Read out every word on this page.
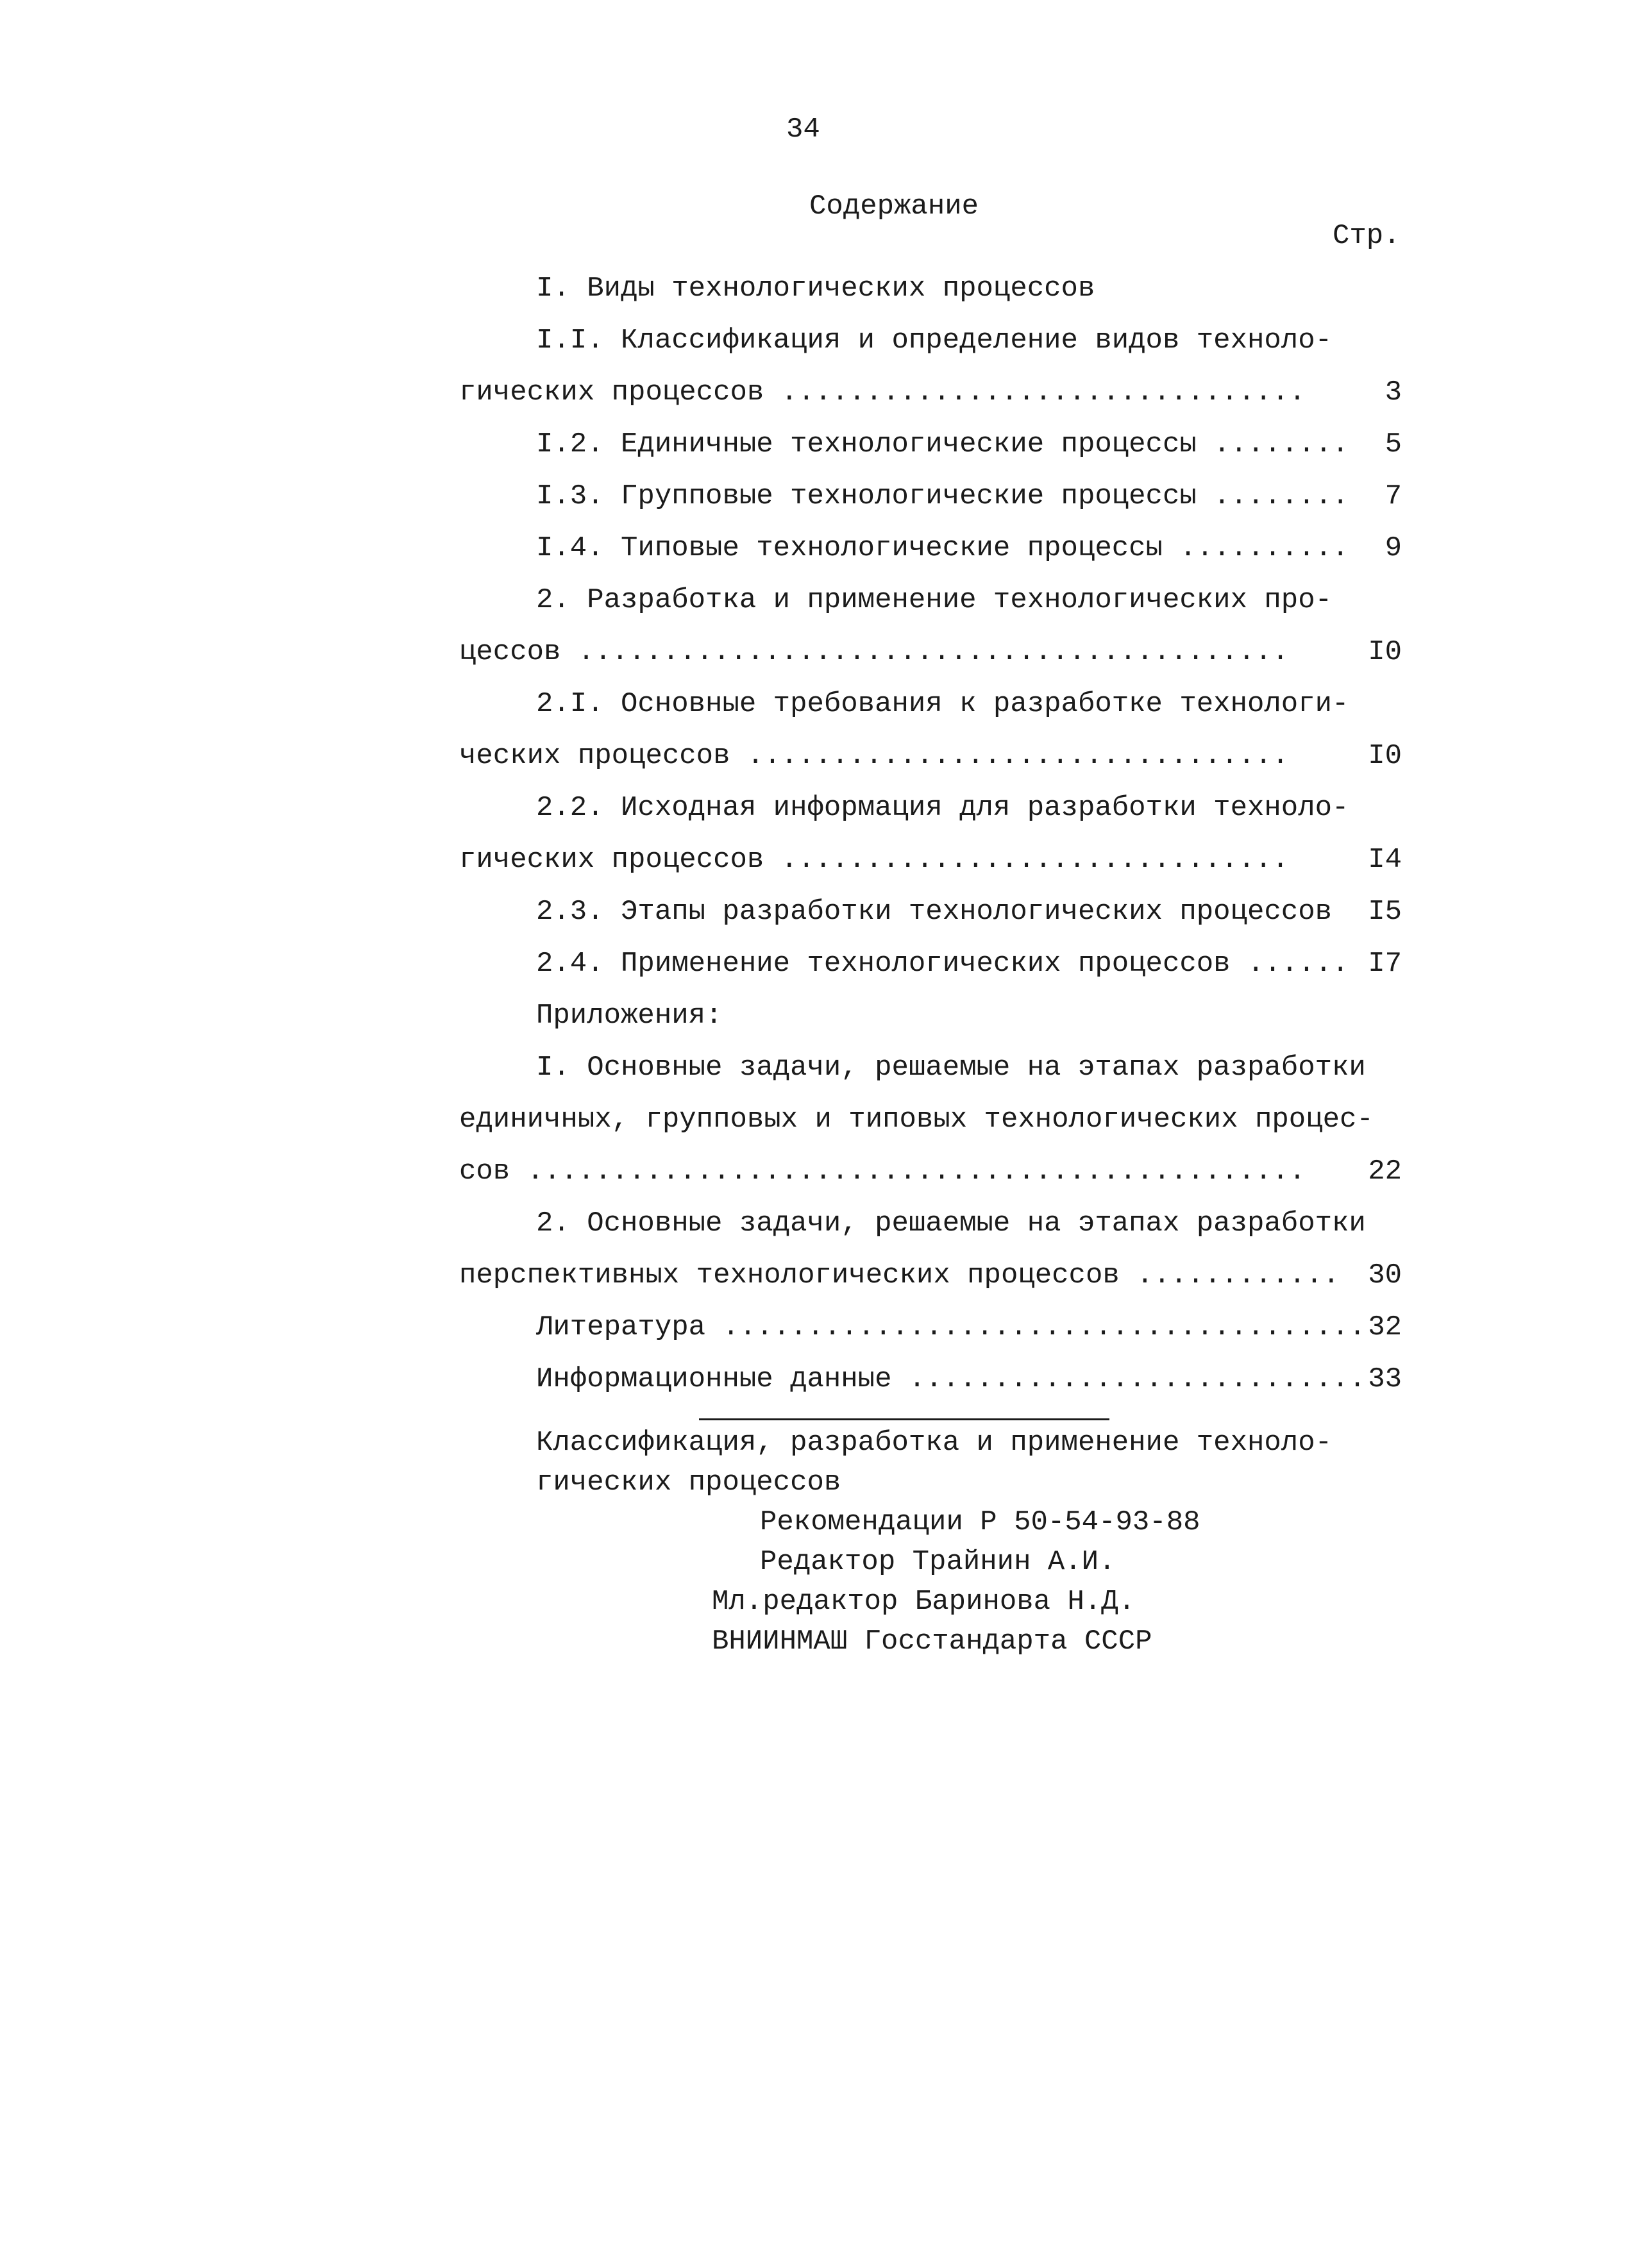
34
Содержание
Стр.
I. Виды технологических процессов
I.I. Классификация и определение видов техноло-
гических процессов ...............................	3
I.2. Единичные технологические процессы ........	5
I.3. Групповые технологические процессы ........	7
I.4. Типовые технологические процессы ..........	9
2. Разработка и применение технологических про-
цессов ..........................................	I0
2.I. Основные требования к разработке технологи-
ческих процессов ................................	I0
2.2. Исходная информация для разработки техноло-
гических процессов ..............................	I4
2.3. Этапы разработки технологических процессов	I5
2.4. Применение технологических процессов ...... I7
Приложения:
I. Основные задачи, решаемые на этапах разработки
единичных, групповых и типовых технологических процес-
сов ..............................................	22
2. Основные задачи, решаемые на этапах разработки
перспективных технологических процессов ............	30
Литература ...................................... 32
Информационные данные ........................... 33
Классификация, разработка и применение техноло-
гических процессов
Рекомендации Р 50-54-93-88
Редактор Трайнин А.И.
Мл.редактор Баринова Н.Д.
ВНИИНМАШ Госстандарта СССР
